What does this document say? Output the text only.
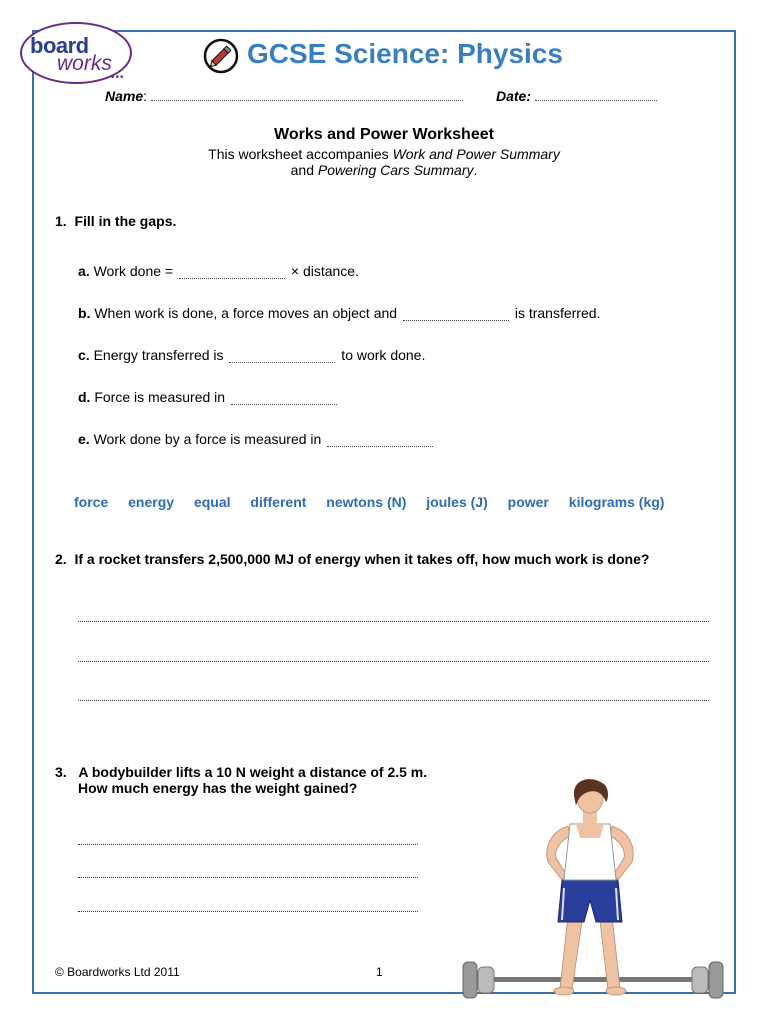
board
works
•••
GCSE Science: Physics
Name:	Date:
Works and Power Worksheet
This worksheet accompanies Work and Power Summary
and Powering Cars Summary.
1. Fill in the gaps.
a. Work done =	× distance.
b. When work is done, a force moves an object and	is transferred.
c. Energy transferred is	to work done.
d. Force is measured in
e. Work done by a force is measured in
force energy equal different newtons (N) joules (J) power kilograms (kg)
2. If a rocket transfers 2,500,000 MJ of energy when it takes off, how much work is done?
3. A bodybuilder lifts a 10 N weight a distance of 2.5 m.
How much energy has the weight gained?
© Boardworks Ltd 2011	1
